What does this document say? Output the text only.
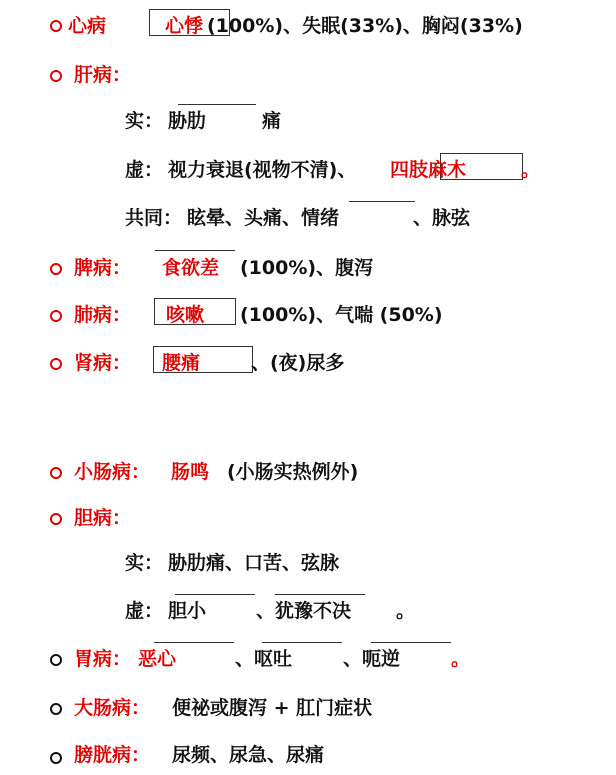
心病	心悸 (100%)、失眠(33%)、胸闷(33%)
肝病：
实： 胁肋	痛
虚： 视力衰退(视物不清)、 四肢麻木	。
共同： 眩晕、头痛、情绪	、脉弦
脾病： 食欲差 (100%)、腹泻
肺病： 咳嗽 (100%)、气喘 (50%)
肾病： 腰痛	、(夜)尿多
小肠病： 肠鸣 (小肠实热例外)
胆病：
实： 胁肋痛、口苦、弦脉
虚： 胆小	、犹豫不决 。
胃病： 恶心	、呕吐	、呃逆	。
大肠病： 便祕或腹泻 + 肛门症状
膀胱病： 尿频、尿急、尿痛
